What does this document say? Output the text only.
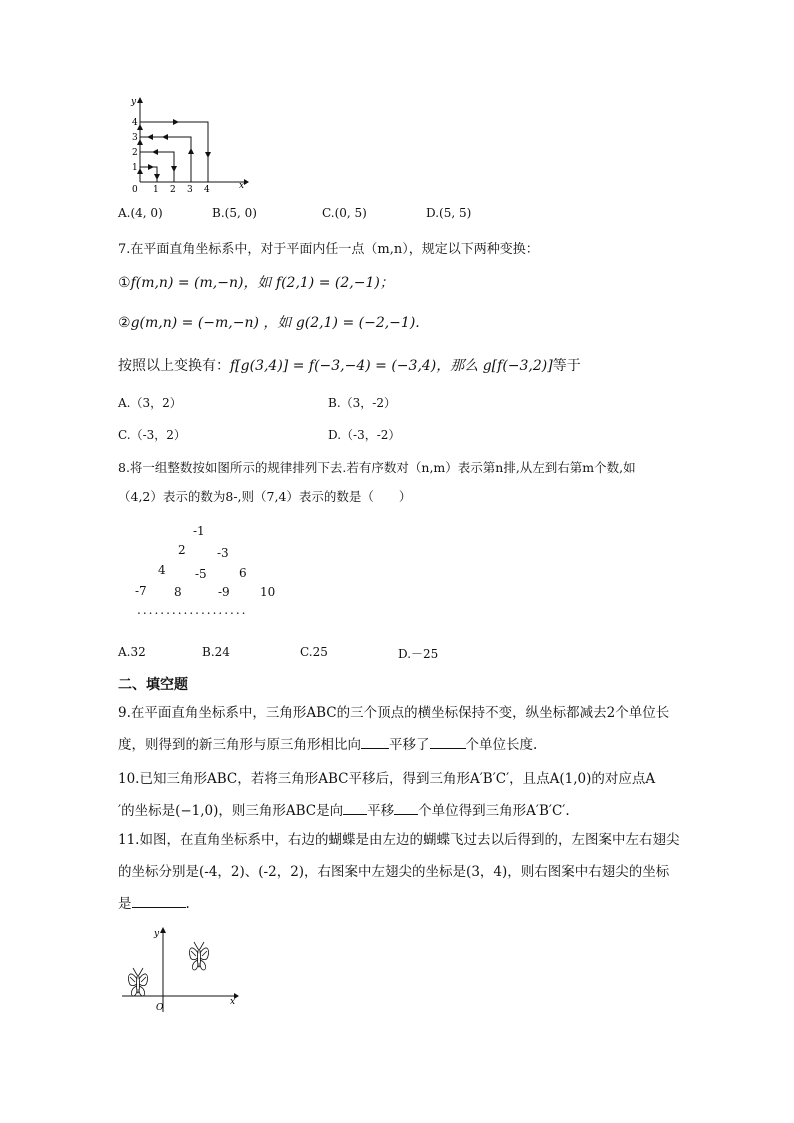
y
x
0
1
2
3
4
1 2 3 4
A.(4, 0)	B.(5, 0)	C.(0, 5)	D.(5, 5)
7.在平面直角坐标系中，对于平面内任一点（m,n），规定以下两种变换：
①f(m,n) = (m,−n)，如 f(2,1) = (2,−1)；
②g(m,n) = (−m,−n) ，如 g(2,1) = (−2,−1).
按照以上变换有：f[g(3,4)] = f(−3,−4) = (−3,4)，那么 g[f(−3,2)]等于
A.（3，2）	B.（3，-2）
C.（-3，2）	D.（-3，-2）
8.将一组整数按如图所示的规律排列下去.若有序数对（n,m）表示第n排,从左到右第m个数,如
（4,2）表示的数为8-,则（7,4）表示的数是（　　）
-1
2	-3
4 -5	6
-7 8	-9	10
...................
A.32	B.24	C.25	D.－25
二、填空题
9.在平面直角坐标系中，三角形ABC的三个顶点的横坐标保持不变，纵坐标都减去2个单位长
度，则得到的新三角形与原三角形相比向 平移了	个单位长度.
10.已知三角形ABC，若将三角形ABC平移后，得到三角形A′B′C′，且点A(1,0)的对应点A
′的坐标是(−1,0)，则三角形ABC是向 平移 个单位得到三角形A′B′C′.
11.如图，在直角坐标系中，右边的蝴蝶是由左边的蝴蝶飞过去以后得到的，左图案中左右翅尖
的坐标分别是(-4，2)、(-2，2)，右图案中左翅尖的坐标是(3，4)，则右图案中右翅尖的坐标
是	.
y
x
O
